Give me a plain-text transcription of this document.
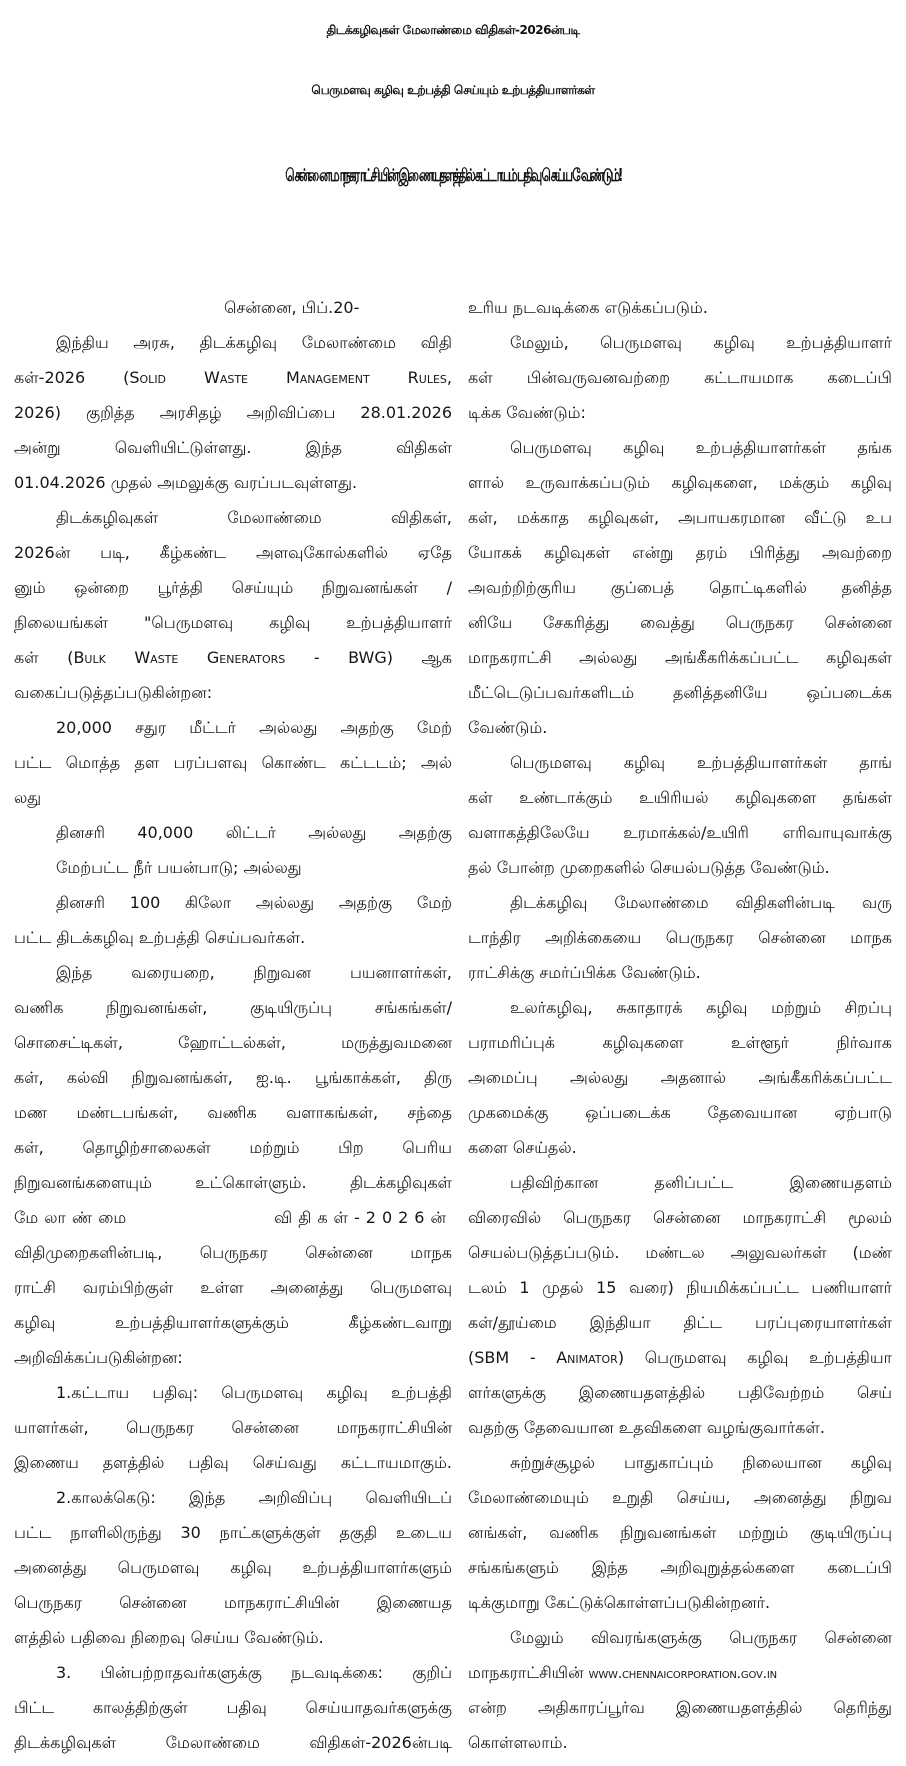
திடக்கழிவுகள் மேலாண்மை விதிகள்-2026ன்படி
பெருமளவு கழிவு உற்பத்தி செய்யும் உற்பத்தியாளர்கள்
சென்னை மாநகராட்சியின் இணையதளத்தில் கட்டாயம் பதிவு செய்ய வேண்டும்!
சென்னை, பிப்.20-
இந்திய அரசு, திடக்கழிவு மேலாண்மை விதி
கள்-2026 (Solid Waste Management Rules,
2026) குறித்த அரசிதழ் அறிவிப்பை 28.01.2026
அன்று வெளியிட்டுள்ளது. இந்த விதிகள்
01.04.2026 முதல் அமலுக்கு வரப்படவுள்ளது.
திடக்கழிவுகள் மேலாண்மை விதிகள்,
2026ன் படி, கீழ்கண்ட அளவுகோல்களில் ஏதே
னும் ஒன்றை பூர்த்தி செய்யும் நிறுவனங்கள் /
நிலையங்கள் "பெருமளவு கழிவு உற்பத்தியாளர்
கள் (Bulk Waste Generators - BWG) ஆக
வகைப்படுத்தப்படுகின்றன:
20,000 சதுர மீட்டர் அல்லது அதற்கு மேற்
பட்ட மொத்த தள பரப்பளவு கொண்ட கட்டடம்; அல்
லது
தினசரி 40,000 லிட்டர் அல்லது அதற்கு
மேற்பட்ட நீர் பயன்பாடு; அல்லது
தினசரி 100 கிலோ அல்லது அதற்கு மேற்
பட்ட திடக்கழிவு உற்பத்தி செய்பவர்கள்.
இந்த வரையறை, நிறுவன பயனாளர்கள்,
வணிக நிறுவனங்கள், குடியிருப்பு சங்கங்கள்/
சொசைட்டிகள், ஹோட்டல்கள், மருத்துவமனை
கள், கல்வி நிறுவனங்கள், ஐ.டி. பூங்காக்கள், திரு
மண மண்டபங்கள், வணிக வளாகங்கள், சந்தை
கள், தொழிற்சாலைகள் மற்றும் பிற பெரிய
நிறுவனங்களையும் உட்கொள்ளும். திடக்கழிவுகள்
மேலாண்மை விதிகள்-2026ன்
விதிமுறைகளின்படி, பெருநகர சென்னை மாநக
ராட்சி வரம்பிற்குள் உள்ள அனைத்து பெருமளவு
கழிவு உற்பத்தியாளர்களுக்கும் கீழ்கண்டவாறு
அறிவிக்கப்படுகின்றன:
1.கட்டாய பதிவு: பெருமளவு கழிவு உற்பத்தி
யாளர்கள், பெருநகர சென்னை மாநகராட்சியின்
இணைய தளத்தில் பதிவு செய்வது கட்டாயமாகும்.
2.காலக்கெடு: இந்த அறிவிப்பு வெளியிடப்
பட்ட நாளிலிருந்து 30 நாட்களுக்குள் தகுதி உடைய
அனைத்து பெருமளவு கழிவு உற்பத்தியாளர்களும்
பெருநகர சென்னை மாநகராட்சியின் இணையத
ளத்தில் பதிவை நிறைவு செய்ய வேண்டும்.
3. பின்பற்றாதவர்களுக்கு நடவடிக்கை: குறிப்
பிட்ட காலத்திற்குள் பதிவு செய்யாதவர்களுக்கு
திடக்கழிவுகள் மேலாண்மை விதிகள்-2026ன்படி
உரிய நடவடிக்கை எடுக்கப்படும்.
மேலும், பெருமளவு கழிவு உற்பத்தியாளர்
கள் பின்வருவனவற்றை கட்டாயமாக கடைப்பி
டிக்க வேண்டும்:
பெருமளவு கழிவு உற்பத்தியாளர்கள் தங்க
ளால் உருவாக்கப்படும் கழிவுகளை, மக்கும் கழிவு
கள், மக்காத கழிவுகள், அபாயகரமான வீட்டு உப
யோகக் கழிவுகள் என்று தரம் பிரித்து அவற்றை
அவற்றிற்குரிய குப்பைத் தொட்டிகளில் தனித்த
னியே சேகரித்து வைத்து பெருநகர சென்னை
மாநகராட்சி அல்லது அங்கீகரிக்கப்பட்ட கழிவுகள்
மீட்டெடுப்பவர்களிடம் தனித்தனியே ஒப்படைக்க
வேண்டும்.
பெருமளவு கழிவு உற்பத்தியாளர்கள் தாங்
கள் உண்டாக்கும் உயிரியல் கழிவுகளை தங்கள்
வளாகத்திலேயே உரமாக்கல்/உயிரி எரிவாயுவாக்கு
தல் போன்ற முறைகளில் செயல்படுத்த வேண்டும்.
திடக்கழிவு மேலாண்மை விதிகளின்படி வரு
டாந்திர அறிக்கையை பெருநகர சென்னை மாநக
ராட்சிக்கு சமர்ப்பிக்க வேண்டும்.
உலர்கழிவு, சுகாதாரக் கழிவு மற்றும் சிறப்பு
பராமரிப்புக் கழிவுகளை உள்ளூர் நிர்வாக
அமைப்பு அல்லது அதனால் அங்கீகரிக்கப்பட்ட
முகமைக்கு ஒப்படைக்க தேவையான ஏற்பாடு
களை செய்தல்.
பதிவிற்கான தனிப்பட்ட இணையதளம்
விரைவில் பெருநகர சென்னை மாநகராட்சி மூலம்
செயல்படுத்தப்படும். மண்டல அலுவலர்கள் (மண்
டலம் 1 முதல் 15 வரை) நியமிக்கப்பட்ட பணியாளர்
கள்/தூய்மை இந்தியா திட்ட பரப்புரையாளர்கள்
(SBM - Animator) பெருமளவு கழிவு உற்பத்தியா
ளர்களுக்கு இணையதளத்தில் பதிவேற்றம் செய்
வதற்கு தேவையான உதவிகளை வழங்குவார்கள்.
சுற்றுச்சூழல் பாதுகாப்பும் நிலையான கழிவு
மேலாண்மையும் உறுதி செய்ய, அனைத்து நிறுவ
னங்கள், வணிக நிறுவனங்கள் மற்றும் குடியிருப்பு
சங்கங்களும் இந்த அறிவுறுத்தல்களை கடைப்பி
டிக்குமாறு கேட்டுக்கொள்ளப்படுகின்றனர்.
மேலும் விவரங்களுக்கு பெருநகர சென்னை
மாநகராட்சியின் www.chennaicorporation.gov.in
என்ற அதிகாரப்பூர்வ இணையதளத்தில் தெரிந்து
கொள்ளலாம்.
